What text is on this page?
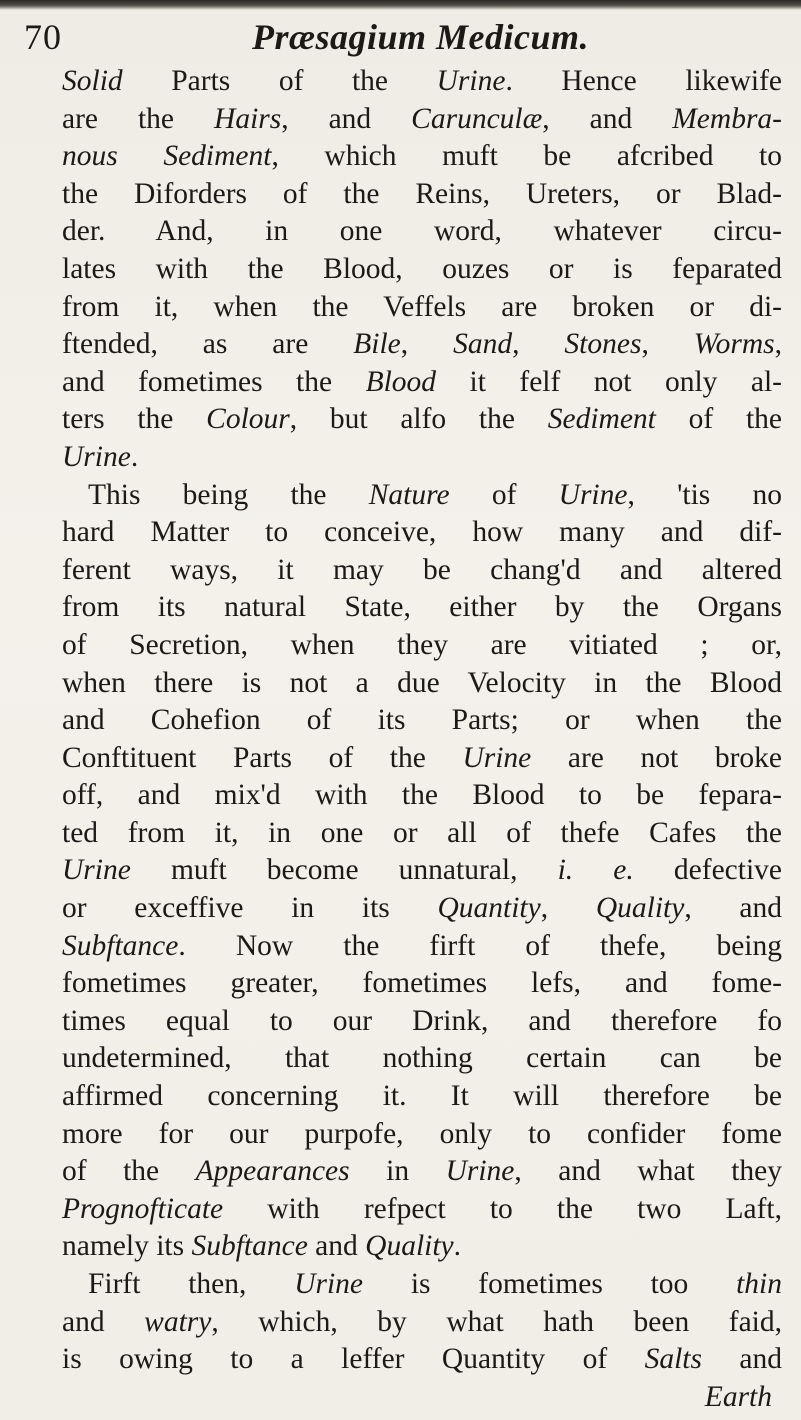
70	Præsagium Medicum.
Solid Parts of the Urine. Hence likewife
are the Hairs, and Carunculæ, and Membra-
nous Sediment, which muft be afcribed to
the Diforders of the Reins, Ureters, or Blad-
der. And, in one word, whatever circu-
lates with the Blood, ouzes or is feparated
from it, when the Veffels are broken or di-
ftended, as are Bile, Sand, Stones, Worms,
and fometimes the Blood it felf not only al-
ters the Colour, but alfo the Sediment of the
Urine.
This being the Nature of Urine, 'tis no
hard Matter to conceive, how many and dif-
ferent ways, it may be chang'd and altered
from its natural State, either by the Organs
of Secretion, when they are vitiated ; or,
when there is not a due Velocity in the Blood
and Cohefion of its Parts; or when the
Conftituent Parts of the Urine are not broke
off, and mix'd with the Blood to be fepara-
ted from it, in one or all of thefe Cafes the
Urine muft become unnatural, i. e. defective
or exceffive in its Quantity, Quality, and
Subftance. Now the firft of thefe, being
fometimes greater, fometimes lefs, and fome-
times equal to our Drink, and therefore fo
undetermined, that nothing certain can be
affirmed concerning it. It will therefore be
more for our purpofe, only to confider fome
of the Appearances in Urine, and what they
Prognofticate with refpect to the two Laft,
namely its Subftance and Quality.
Firft then, Urine is fometimes too thin
and watry, which, by what hath been faid,
is owing to a leffer Quantity of Salts and
Earth
